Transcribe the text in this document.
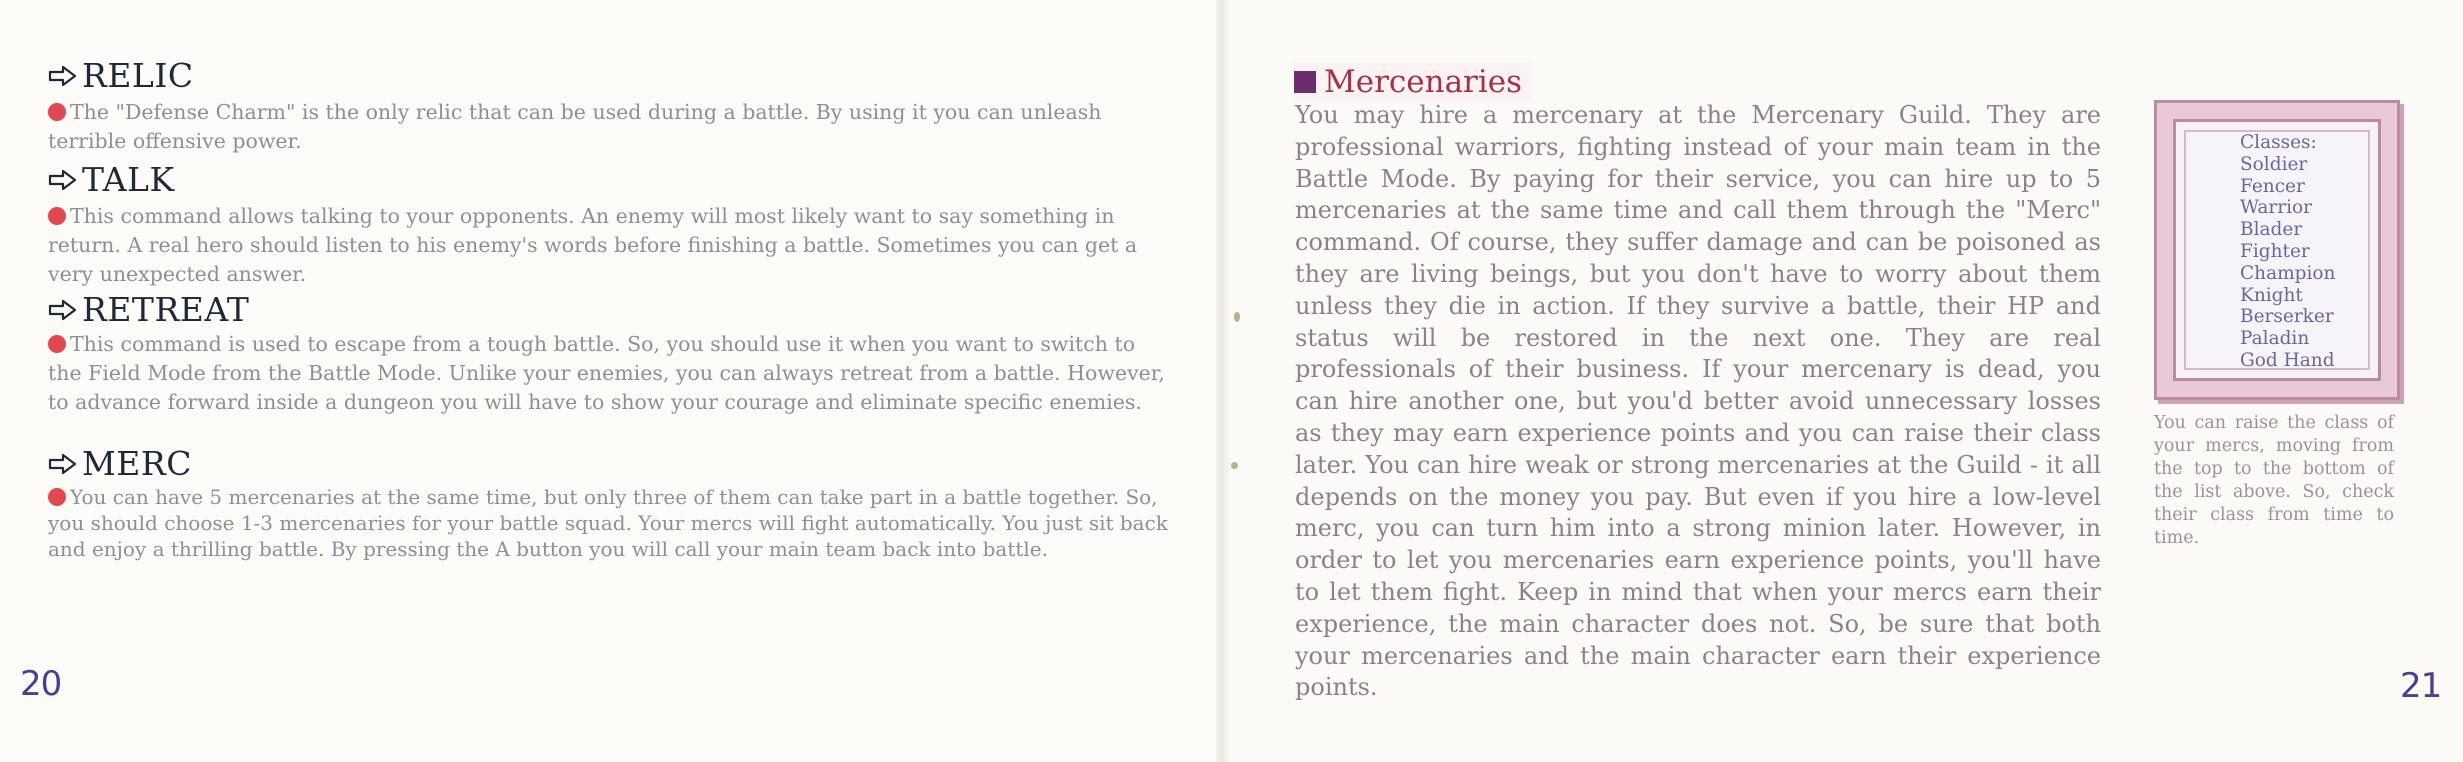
RELIC

The "Defense Charm" is the only relic that can be used during a battle. By using it you can unleash terrible offensive power.

TALK

This command allows talking to your opponents. An enemy will most likely want to say something in return. A real hero should listen to his enemy's words before finishing a battle. Sometimes you can get a very unexpected answer.

RETREAT

This command is used to escape from a tough battle. So, you should use it when you want to switch to the Field Mode from the Battle Mode. Unlike your enemies, you can always retreat from a battle. However, to advance forward inside a dungeon you will have to show your courage and eliminate specific enemies.

MERC

You can have 5 mercenaries at the same time, but only three of them can take part in a battle together. So, you should choose 1-3 mercenaries for your battle squad. Your mercs will fight automatically. You just sit back and enjoy a thrilling battle. By pressing the A button you will call your main team back into battle.

20
Mercenaries

You may hire a mercenary at the Mercenary Guild. They are professional warriors, fighting instead of your main team in the Battle Mode. By paying for their service, you can hire up to 5 mercenaries at the same time and call them through the "Merc" command. Of course, they suffer damage and can be poisoned as they are living beings, but you don't have to worry about them unless they die in action. If they survive a battle, their HP and status will be restored in the next one. They are real professionals of their business. If your mercenary is dead, you can hire another one, but you'd better avoid unnecessary losses as they may earn experience points and you can raise their class later. You can hire weak or strong mercenaries at the Guild - it all depends on the money you pay. But even if you hire a low-level merc, you can turn him into a strong minion later. However, in order to let you mercenaries earn experience points, you'll have to let them fight. Keep in mind that when your mercs earn their experience, the main character does not. So, be sure that both your mercenaries and the main character earn their experience points.

Classes:
Soldier
Fencer
Warrior
Blader
Fighter
Champion
Knight
Berserker
Paladin
God Hand

You can raise the class of your mercs, moving from the top to the bottom of the list above. So, check their class from time to time.

21
